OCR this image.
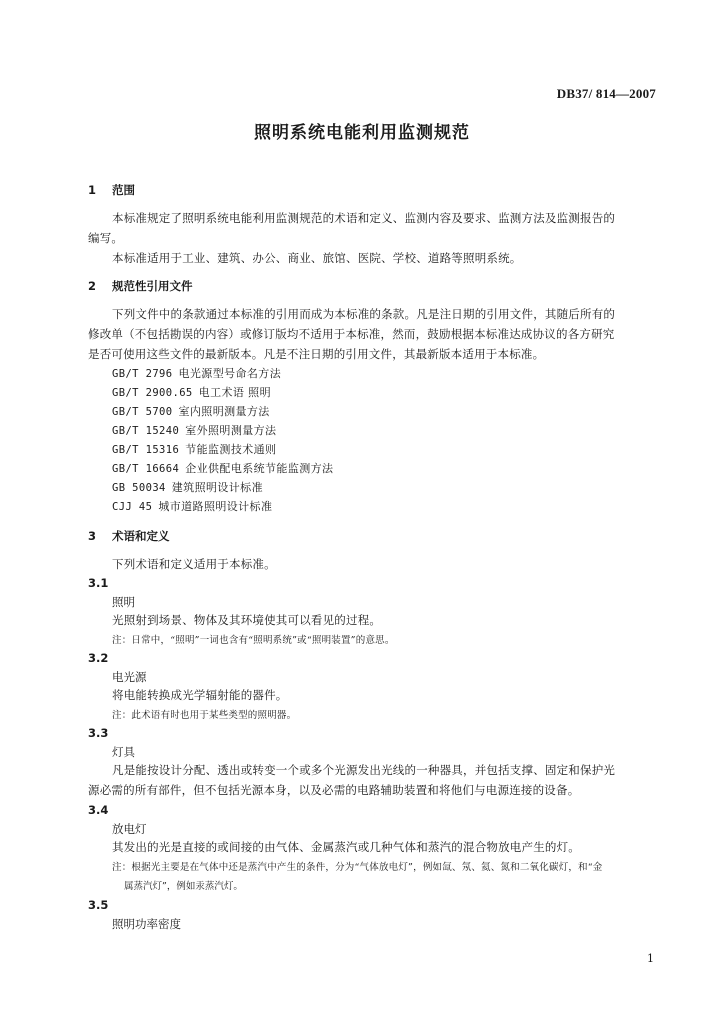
DB37/ 814—2007
照明系统电能利用监测规范
1 范围
本标准规定了照明系统电能利用监测规范的术语和定义、监测内容及要求、监测方法及监测报告的
编写。
本标准适用于工业、建筑、办公、商业、旅馆、医院、学校、道路等照明系统。
2 规范性引用文件
下列文件中的条款通过本标准的引用而成为本标准的条款。凡是注日期的引用文件，其随后所有的
修改单（不包括勘误的内容）或修订版均不适用于本标准，然而，鼓励根据本标准达成协议的各方研究
是否可使用这些文件的最新版本。凡是不注日期的引用文件，其最新版本适用于本标准。
GB/T 2796 电光源型号命名方法
GB/T 2900.65 电工术语 照明
GB/T 5700 室内照明测量方法
GB/T 15240 室外照明测量方法
GB/T 15316 节能监测技术通则
GB/T 16664 企业供配电系统节能监测方法
GB 50034 建筑照明设计标准
CJJ 45 城市道路照明设计标准
3 术语和定义
下列术语和定义适用于本标准。
3.1
照明
光照射到场景、物体及其环境使其可以看见的过程。
注：日常中，“照明”一词也含有“照明系统”或“照明装置”的意思。
3.2
电光源
将电能转换成光学辐射能的器件。
注：此术语有时也用于某些类型的照明器。
3.3
灯具
凡是能按设计分配、透出或转变一个或多个光源发出光线的一种器具，并包括支撑、固定和保护光
源必需的所有部件，但不包括光源本身，以及必需的电路辅助装置和将他们与电源连接的设备。
3.4
放电灯
其发出的光是直接的或间接的由气体、金属蒸汽或几种气体和蒸汽的混合物放电产生的灯。
注：根据光主要是在气体中还是蒸汽中产生的条件，分为“气体放电灯”，例如氙、氖、氦、氮和二氧化碳灯，和“金
属蒸汽灯”，例如汞蒸汽灯。
3.5
照明功率密度
1
